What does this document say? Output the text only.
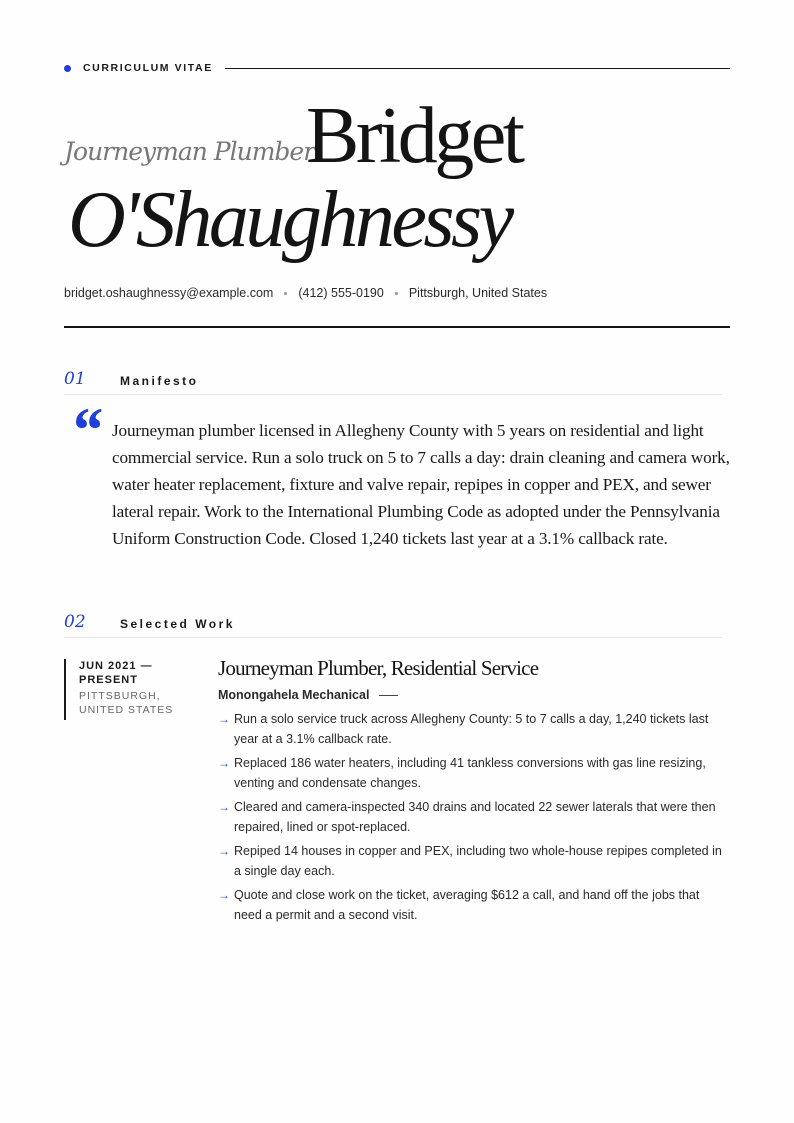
CURRICULUM VITAE
Journeyman Plumber
Bridget
O'Shaughnessy
bridget.oshaughnessy@example.com (412) 555-0190 Pittsburgh, United States
01	Manifesto
“ Journeyman plumber licensed in Allegheny County with 5 years on residential and light commercial service. Run a solo truck on 5 to 7 calls a day: drain cleaning and camera work, water heater replacement, fixture and valve repair, repipes in copper and PEX, and sewer lateral repair. Work to the International Plumbing Code as adopted under the Pennsylvania Uniform Construction Code. Closed 1,240 tickets last year at a 3.1% callback rate.

02	Selected Work
JUN 2021 — PRESENT
PITTSBURGH, UNITED STATES
Journeyman Plumber, Residential Service
Monongahela Mechanical
→ Run a solo service truck across Allegheny County: 5 to 7 calls a day, 1,240 tickets last year at a 3.1% callback rate.
→ Replaced 186 water heaters, including 41 tankless conversions with gas line resizing, venting and condensate changes.
→ Cleared and camera-inspected 340 drains and located 22 sewer laterals that were then repaired, lined or spot-replaced.
→ Repiped 14 houses in copper and PEX, including two whole-house repipes completed in a single day each.
→ Quote and close work on the ticket, averaging $612 a call, and hand off the jobs that need a permit and a second visit.
